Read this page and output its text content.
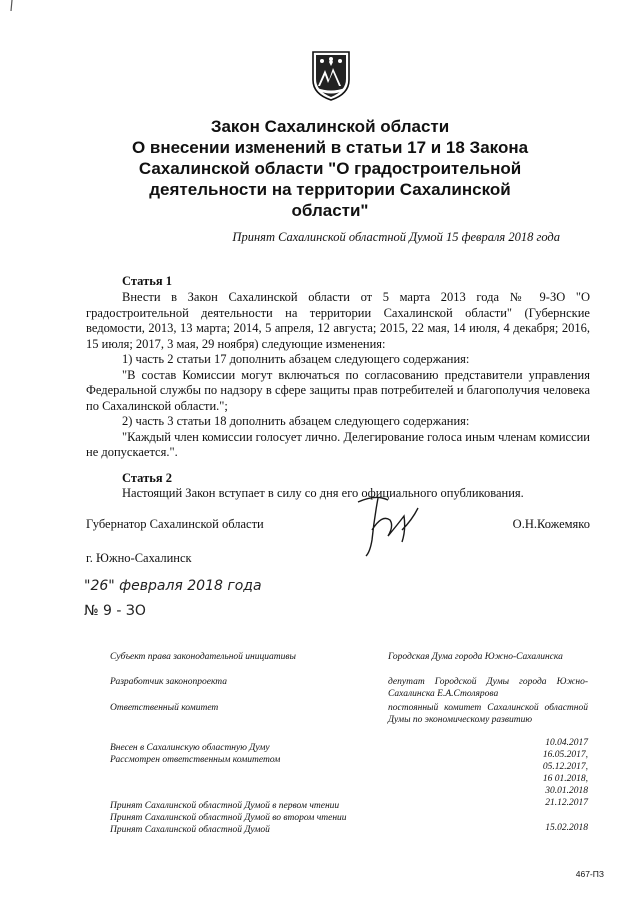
Закон Сахалинской области
О внесении изменений в статьи 17 и 18 Закона
Сахалинской области "О градостроительной
деятельности на территории Сахалинской
области"
Принят Сахалинской областной Думой 15 февраля 2018 года
Статья 1

Внести в Закон Сахалинской области от 5 марта 2013 года № 9-ЗО "О градостроительной деятельности на территории Сахалинской области" (Губернские ведомости, 2013, 13 марта; 2014, 5 апреля, 12 августа; 2015, 22 мая, 14 июля, 4 декабря; 2016, 15 июля; 2017, 3 мая, 29 ноября) следующие изменения:

1) часть 2 статьи 17 дополнить абзацем следующего содержания:

"В состав Комиссии могут включаться по согласованию представители управления Федеральной службы по надзору в сфере защиты прав потребителей и благополучия человека по Сахалинской области.";

2) часть 3 статьи 18 дополнить абзацем следующего содержания:

"Каждый член комиссии голосует лично. Делегирование голоса иным членам комиссии не допускается.".

Статья 2

Настоящий Закон вступает в силу со дня его официального опубликования.

Губернатор Сахалинской области	О.Н.Кожемяко
г. Южно-Сахалинск
"26" февраля 2018 года
№ 9 - ЗО
Субъект права законодательной инициативы	Городская Дума города Южно-Сахалинска
Разработчик законопроекта	депутат Городской Думы города Южно-Сахалинска Е.А.Столярова
Ответственный комитет	постоянный комитет Сахалинской областной Думы по экономическому развитию
Внесен в Сахалинскую областную Думу	10.04.2017
Рассмотрен ответственным комитетом	16.05.2017,
05.12.2017,
16 01.2018,
30.01.2018
Принят Сахалинской областной Думой в первом чтении	21.12.2017
Принят Сахалинской областной Думой во втором чтении
Принят Сахалинской областной Думой	15.02.2018
467-ПЗ
